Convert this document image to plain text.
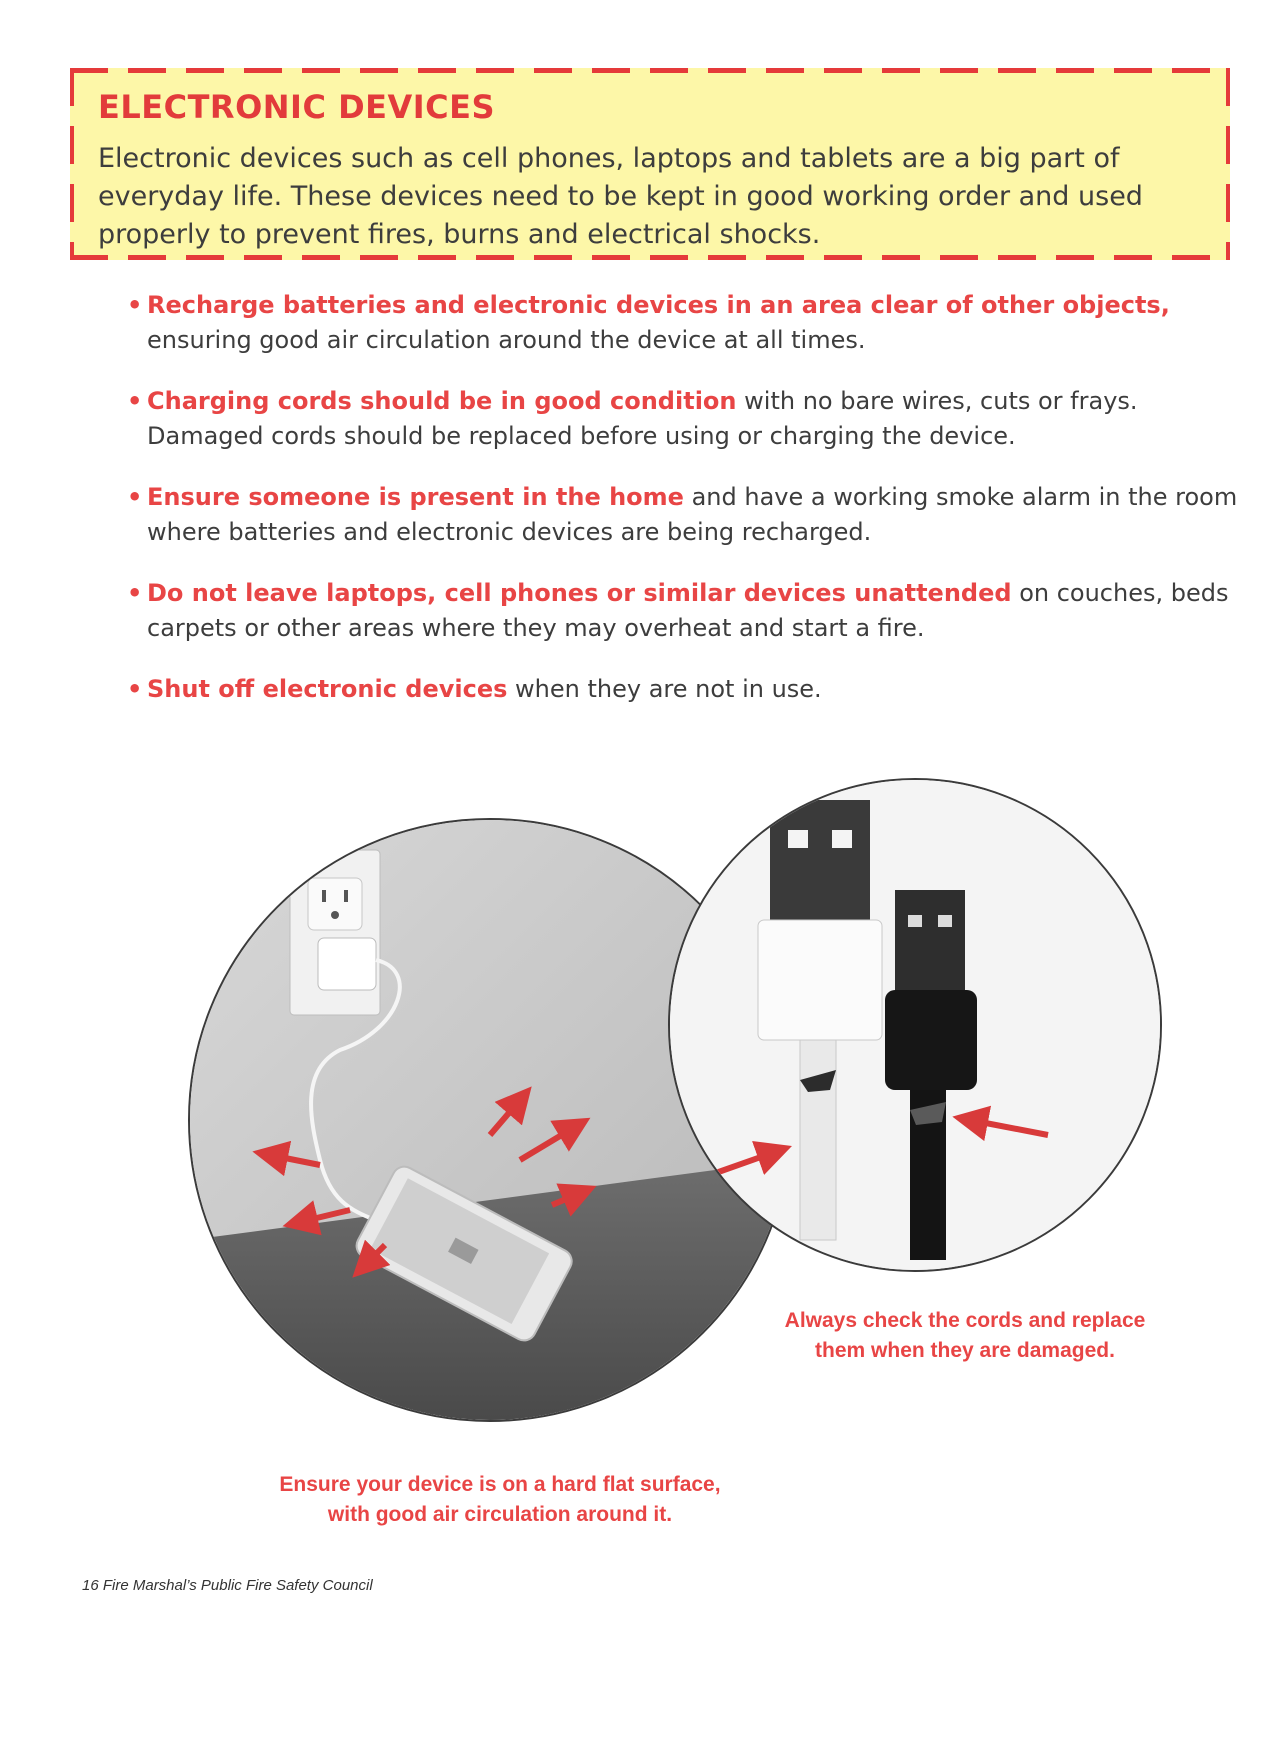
ELECTRONIC DEVICES
Electronic devices such as cell phones, laptops and tablets are a big part of
everyday life. These devices need to be kept in good working order and used
properly to prevent fires, burns and electrical shocks.
• Recharge batteries and electronic devices in an area clear of other objects,
ensuring good air circulation around the device at all times.
• Charging cords should be in good condition with no bare wires, cuts or frays. Damaged cords should be replaced before using or charging the device.
• Ensure someone is present in the home and have a working smoke alarm in the room where batteries and electronic devices are being recharged.
• Do not leave laptops, cell phones or similar devices unattended on couches, beds carpets or other areas where they may overheat and start a fire.
• Shut off electronic devices when they are not in use.
Always check the cords and replace
them when they are damaged.
Ensure your device is on a hard flat surface,
with good air circulation around it.
16 Fire Marshal’s Public Fire Safety Council
